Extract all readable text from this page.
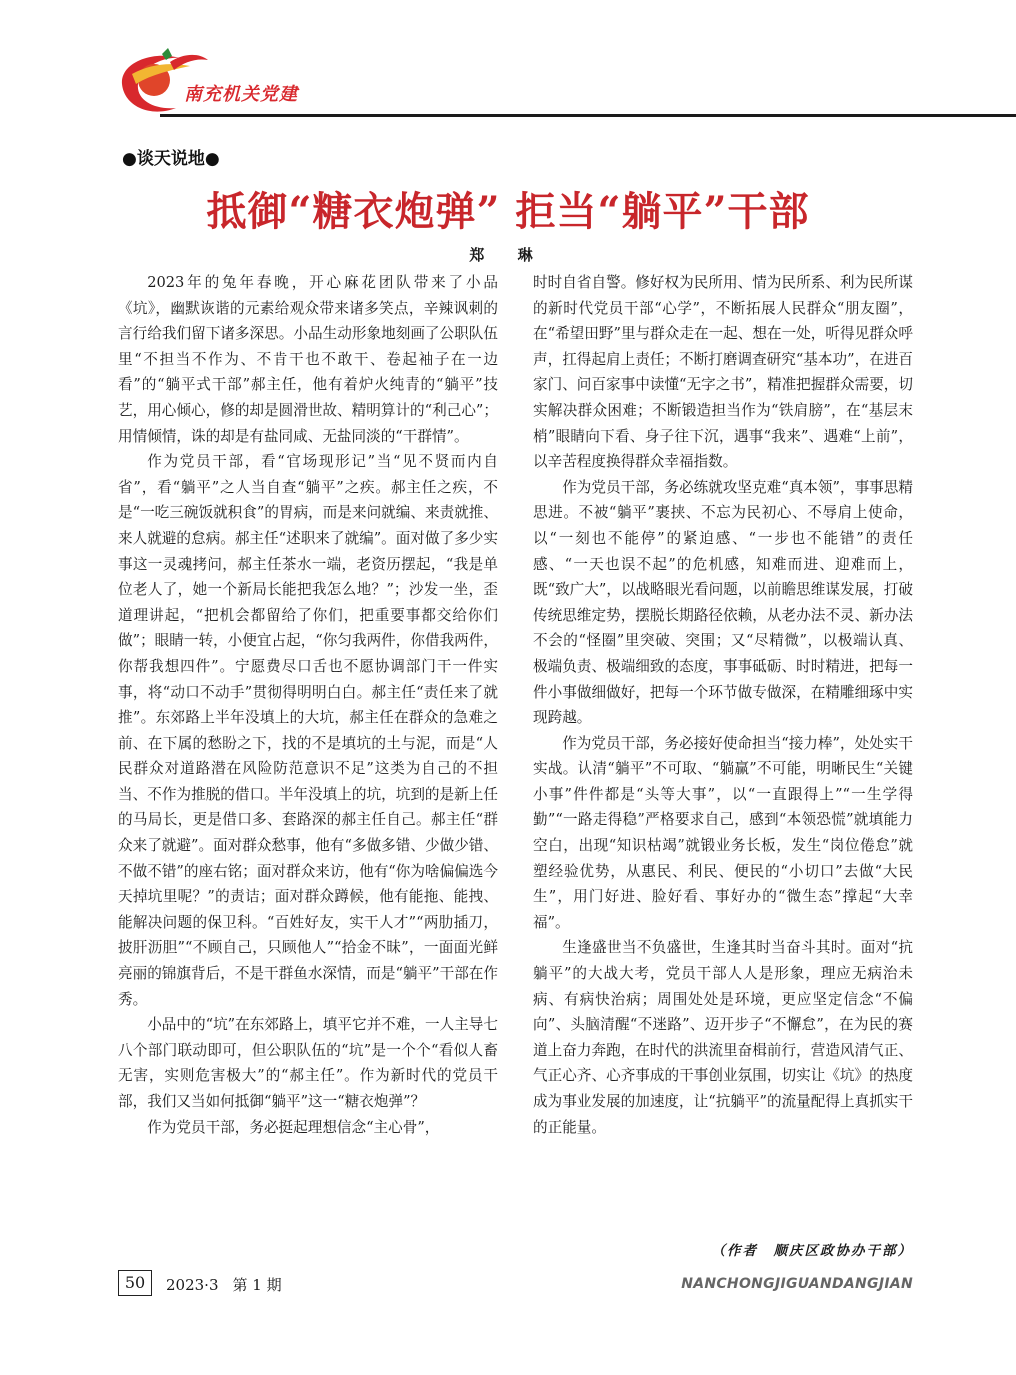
南充机关党建
●谈天说地●
抵御“糖衣炮弹” 拒当“躺平”干部
郑 琳

2023年的兔年春晚，开心麻花团队带来了小品《坑》，幽默诙谐的元素给观众带来诸多笑点，辛辣讽刺的言行给我们留下诸多深思。小品生动形象地刻画了公职队伍里“不担当不作为、不肯干也不敢干、卷起袖子在一边看”的“躺平式干部”郝主任，他有着炉火纯青的“躺平”技艺，用心倾心，修的却是圆滑世故、精明算计的“利己心”；用情倾情，诛的却是有盐同咸、无盐同淡的“干群情”。

作为党员干部，看“官场现形记”当“见不贤而内自省”，看“躺平”之人当自查“躺平”之疾。郝主任之疾，不是“一吃三碗饭就积食”的胃病，而是来问就编、来责就推、来人就避的怠病。郝主任“述职来了就编”。面对做了多少实事这一灵魂拷问，郝主任茶水一端，老资历摆起，“我是单位老人了，她一个新局长能把我怎么地？”；沙发一坐，歪道理讲起，“把机会都留给了你们，把重要事都交给你们做”；眼睛一转，小便宜占起，“你匀我两件，你借我两件，你帮我想四件”。宁愿费尽口舌也不愿协调部门干一件实事，将“动口不动手”贯彻得明明白白。郝主任“责任来了就推”。东郊路上半年没填上的大坑，郝主任在群众的急难之前、在下属的愁盼之下，找的不是填坑的土与泥，而是“人民群众对道路潜在风险防范意识不足”这类为自己的不担当、不作为推脱的借口。半年没填上的坑，坑到的是新上任的马局长，更是借口多、套路深的郝主任自己。郝主任“群众来了就避”。面对群众愁事，他有“多做多错、少做少错、不做不错”的座右铭；面对群众来访，他有“你为啥偏偏选今天掉坑里呢？”的责诘；面对群众蹲候，他有能拖、能拽、能解决问题的保卫科。“百姓好友，实干人才”“两肋插刀，披肝沥胆”“不顾自己，只顾他人”“拾金不昧”，一面面光鲜亮丽的锦旗背后，不是干群鱼水深情，而是“躺平”干部在作秀。

小品中的“坑”在东郊路上，填平它并不难，一人主导七八个部门联动即可，但公职队伍的“坑”是一个个“看似人畜无害，实则危害极大”的“郝主任”。作为新时代的党员干部，我们又当如何抵御“躺平”这一“糖衣炮弹”？

作为党员干部，务必挺起理想信念“主心骨”，

时时自省自警。修好权为民所用、情为民所系、利为民所谋的新时代党员干部“心学”，不断拓展人民群众“朋友圈”，在“希望田野”里与群众走在一起、想在一处，听得见群众呼声，扛得起肩上责任；不断打磨调查研究“基本功”，在进百家门、问百家事中读懂“无字之书”，精准把握群众需要，切实解决群众困难；不断锻造担当作为“铁肩膀”，在“基层末梢”眼睛向下看、身子往下沉，遇事“我来”、遇难“上前”，以辛苦程度换得群众幸福指数。

作为党员干部，务必练就攻坚克难“真本领”，事事思精思进。不被“躺平”裹挟、不忘为民初心、不辱肩上使命，以“一刻也不能停”的紧迫感、“一步也不能错”的责任感、“一天也误不起”的危机感，知难而进、迎难而上，既“致广大”，以战略眼光看问题，以前瞻思维谋发展，打破传统思维定势，摆脱长期路径依赖，从老办法不灵、新办法不会的“怪圈”里突破、突围；又“尽精微”，以极端认真、极端负责、极端细致的态度，事事砥砺、时时精进，把每一件小事做细做好，把每一个环节做专做深，在精雕细琢中实现跨越。

作为党员干部，务必接好使命担当“接力棒”，处处实干实战。认清“躺平”不可取、“躺赢”不可能，明晰民生“关键小事”件件都是“头等大事”，以“一直跟得上”“一生学得勤”“一路走得稳”严格要求自己，感到“本领恐慌”就填能力空白，出现“知识枯竭”就锻业务长板，发生“岗位倦怠”就塑经验优势，从惠民、利民、便民的“小切口”去做“大民生”，用门好进、脸好看、事好办的“微生态”撑起“大幸福”。

生逢盛世当不负盛世，生逢其时当奋斗其时。面对“抗躺平”的大战大考，党员干部人人是形象，理应无病治未病、有病快治病；周围处处是环境，更应坚定信念“不偏向”、头脑清醒“不迷路”、迈开步子“不懈怠”，在为民的赛道上奋力奔跑，在时代的洪流里奋楫前行，营造风清气正、气正心齐、心齐事成的干事创业氛围，切实让《坑》的热度成为事业发展的加速度，让“抗躺平”的流量配得上真抓实干的正能量。

（作者　顺庆区政协办干部）
50	2023·3 第 1 期	NANCHONGJIGUANDANGJIAN
